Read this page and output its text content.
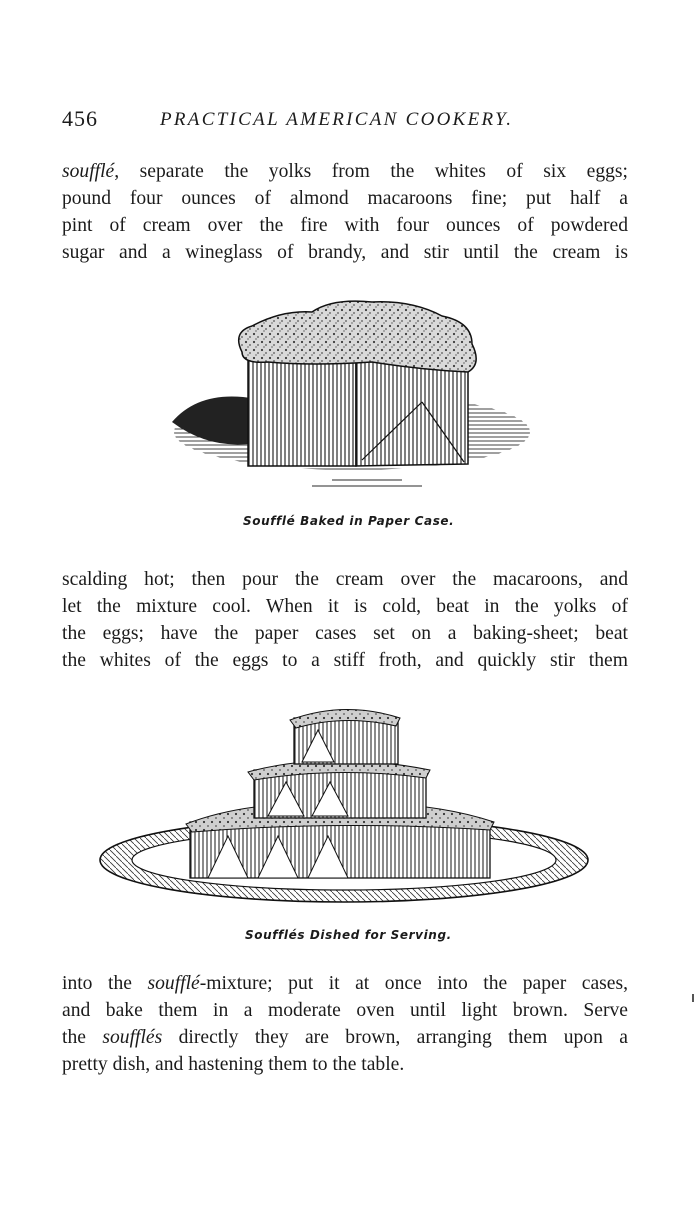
456	PRACTICAL AMERICAN COOKERY.
soufflé, separate the yolks from the whites of six eggs;
pound four ounces of almond macaroons fine; put half a
pint of cream over the fire with four ounces of powdered
sugar and a wineglass of brandy, and stir until the cream is
Soufflé Baked in Paper Case.
scalding hot; then pour the cream over the macaroons, and
let the mixture cool. When it is cold, beat in the yolks of
the eggs; have the paper cases set on a baking-sheet; beat
the whites of the eggs to a stiff froth, and quickly stir them
Soufflés Dished for Serving.
into the soufflé-mixture; put it at once into the paper cases,
and bake them in a moderate oven until light brown. Serve
the soufflés directly they are brown, arranging them upon a
pretty dish, and hastening them to the table.
